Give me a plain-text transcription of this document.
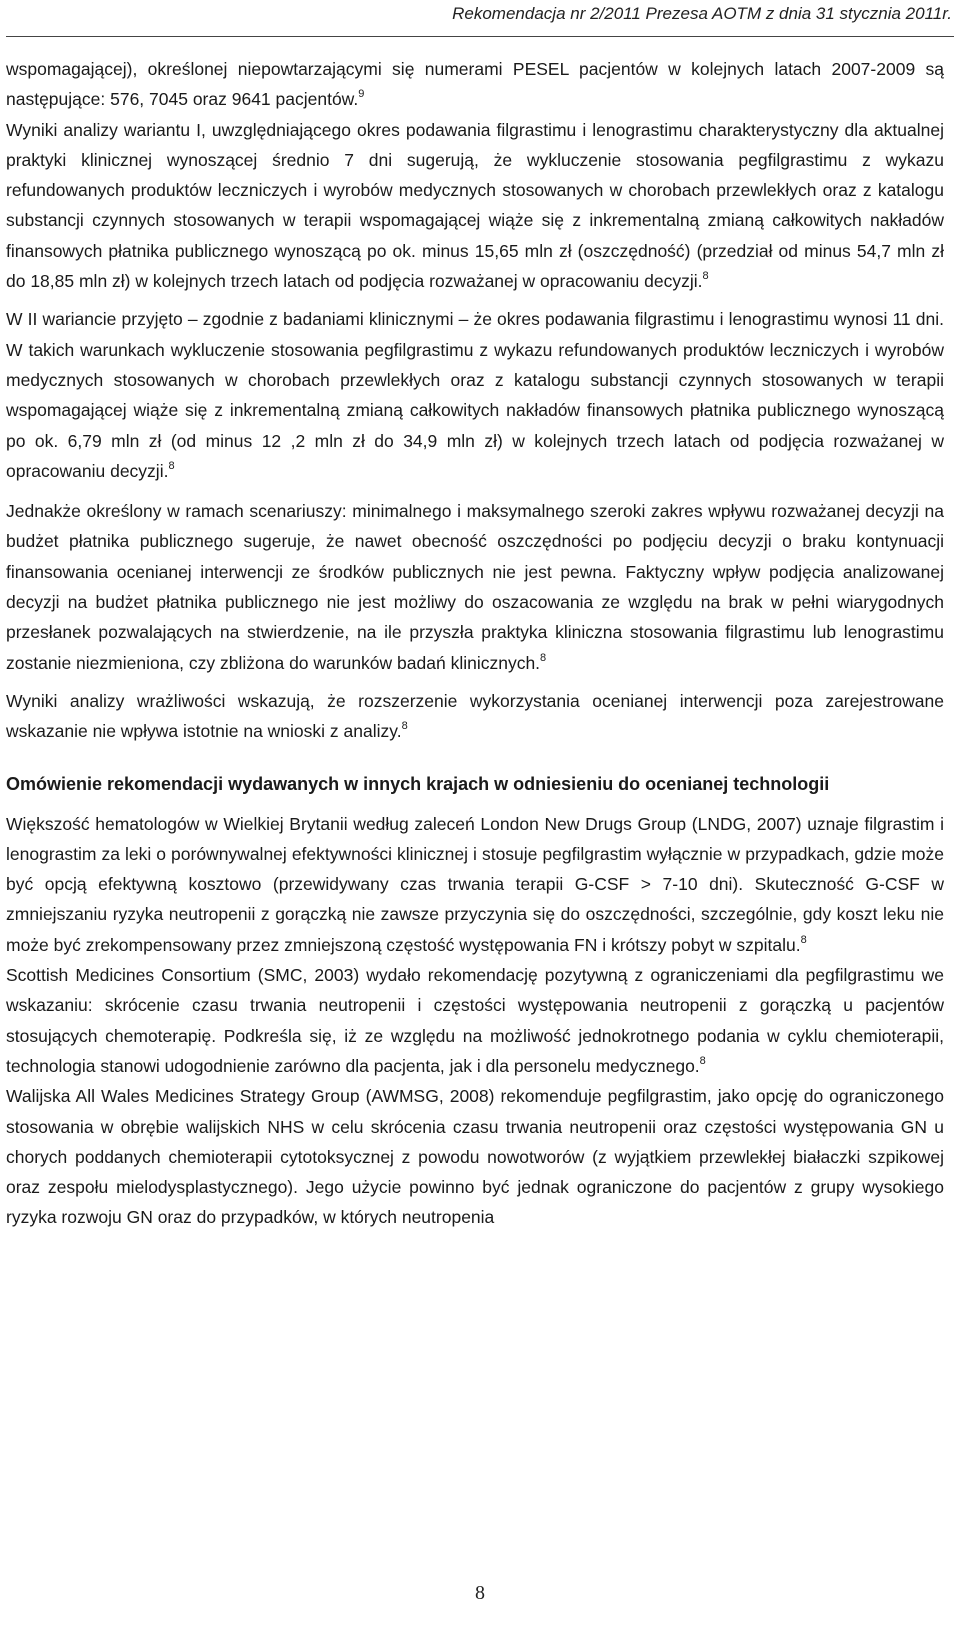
Rekomendacja nr 2/2011 Prezesa AOTM z dnia 31 stycznia 2011r.

wspomagającej), określonej niepowtarzającymi się numerami PESEL pacjentów w kolejnych latach 2007-2009 są następujące: 576, 7045 oraz 9641 pacjentów.$^9$

Wyniki analizy wariantu I, uwzględniającego okres podawania filgrastimu i lenograstimu charakterystyczny dla aktualnej praktyki klinicznej wynoszącej średnio 7 dni sugerują, że wykluczenie stosowania pegfilgrastimu z wykazu refundowanych produktów leczniczych i wyrobów medycznych stosowanych w chorobach przewlekłych oraz z katalogu substancji czynnych stosowanych w terapii wspomagającej wiąże się z inkrementalną zmianą całkowitych nakładów finansowych płatnika publicznego wynoszącą po ok. minus 15,65 mln zł (oszczędność) (przedział od minus 54,7 mln zł do 18,85 mln zł) w kolejnych trzech latach od podjęcia rozważanej w opracowaniu decyzji.$^8$

W II wariancie przyjęto – zgodnie z badaniami klinicznymi – że okres podawania filgrastimu i lenograstimu wynosi 11 dni. W takich warunkach wykluczenie stosowania pegfilgrastimu z wykazu refundowanych produktów leczniczych i wyrobów medycznych stosowanych w chorobach przewlekłych oraz z katalogu substancji czynnych stosowanych w terapii wspomagającej wiąże się z inkrementalną zmianą całkowitych nakładów finansowych płatnika publicznego wynoszącą po ok. 6,79 mln zł (od minus 12 ,2 mln zł do 34,9 mln zł) w kolejnych trzech latach od podjęcia rozważanej w opracowaniu decyzji.$^8$

Jednakże określony w ramach scenariuszy: minimalnego i maksymalnego szeroki zakres wpływu rozważanej decyzji na budżet płatnika publicznego sugeruje, że nawet obecność oszczędności po podjęciu decyzji o braku kontynuacji finansowania ocenianej interwencji ze środków publicznych nie jest pewna. Faktyczny wpływ podjęcia analizowanej decyzji na budżet płatnika publicznego nie jest możliwy do oszacowania ze względu na brak w pełni wiarygodnych przesłanek pozwalających na stwierdzenie, na ile przyszła praktyka kliniczna stosowania filgrastimu lub lenograstimu zostanie niezmieniona, czy zbliżona do warunków badań klinicznych.$^8$

Wyniki analizy wrażliwości wskazują, że rozszerzenie wykorzystania ocenianej interwencji poza zarejestrowane wskazanie nie wpływa istotnie na wnioski z analizy.$^8$

Omówienie rekomendacji wydawanych w innych krajach w odniesieniu do ocenianej technologii

Większość hematologów w Wielkiej Brytanii według zaleceń London New Drugs Group (LNDG, 2007) uznaje filgrastim i lenograstim za leki o porównywalnej efektywności klinicznej i stosuje pegfilgrastim wyłącznie w przypadkach, gdzie może być opcją efektywną kosztowo (przewidywany czas trwania terapii G-CSF > 7-10 dni). Skuteczność G-CSF w zmniejszaniu ryzyka neutropenii z gorączką nie zawsze przyczynia się do oszczędności, szczególnie, gdy koszt leku nie może być zrekompensowany przez zmniejszoną częstość występowania FN i krótszy pobyt w szpitalu.$^8$

Scottish Medicines Consortium (SMC, 2003) wydało rekomendację pozytywną z ograniczeniami dla pegfilgrastimu we wskazaniu: skrócenie czasu trwania neutropenii i częstości występowania neutropenii z gorączką u pacjentów stosujących chemoterapię. Podkreśla się, iż ze względu na możliwość jednokrotnego podania w cyklu chemioterapii, technologia stanowi udogodnienie zarówno dla pacjenta, jak i dla personelu medycznego.$^8$

Walijska All Wales Medicines Strategy Group (AWMSG, 2008) rekomenduje pegfilgrastim, jako opcję do ograniczonego stosowania w obrębie walijskich NHS w celu skrócenia czasu trwania neutropenii oraz częstości występowania GN u chorych poddanych chemioterapii cytotoksycznej z powodu nowotworów (z wyjątkiem przewlekłej białaczki szpikowej oraz zespołu mielodysplastycznego). Jego użycie powinno być jednak ograniczone do pacjentów z grupy wysokiego ryzyka rozwoju GN oraz do przypadków, w których neutropenia

8
